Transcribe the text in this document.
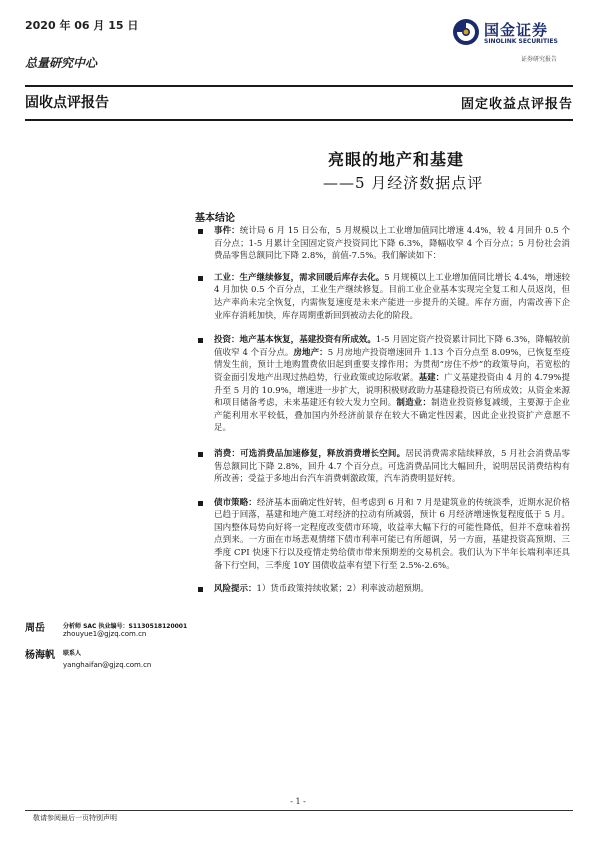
2020 年 06 月 15 日
总量研究中心
国金证券
SINOLINK SECURITIES
证券研究报告
固收点评报告	固定收益点评报告
亮眼的地产和基建
——5 月经济数据点评
基本结论
事件：统计局 6 月 15 日公布，5 月规模以上工业增加值同比增速 4.4%，较 4 月回升 0.5 个百分点；1-5 月累计全国固定资产投资同比下降 6.3%，降幅收窄 4 个百分点；5 月份社会消费品零售总额同比下降 2.8%，前值-7.5%。我们解读如下：
工业：生产继续修复，需求回暖后库存去化。5 月规模以上工业增加值同比增长 4.4%，增速较 4 月加快 0.5 个百分点，工业生产继续修复。目前工业企业基本实现完全复工和人员返岗，但达产率尚未完全恢复，内需恢复速度是未来产能进一步提升的关键。库存方面，内需改善下企业库存消耗加快，库存周期重新回到被动去化的阶段。
投资：地产基本恢复，基建投资有所成效。1-5 月固定资产投资累计同比下降 6.3%，降幅较前值收窄 4 个百分点。房地产：5 月房地产投资增速回升 1.13 个百分点至 8.09%，已恢复至疫情发生前，预计土地购置费依旧起到重要支撑作用；为贯彻“房住不炒”的政策导向，若宽松的资金面引发地产出现过热趋势，行业政策或边际收紧。基建：广义基建投资由 4 月的 4.79%提升至 5 月的 10.9%，增速进一步扩大，说明积极财政助力基建稳投资已有所成效；从资金来源和项目储备考虑，未来基建还有较大发力空间。制造业：制造业投资修复减缓，主要源于企业产能利用水平较低，叠加国内外经济前景存在较大不确定性因素，因此企业投资扩产意愿不足。
消费：可选消费品加速修复，释放消费增长空间。居民消费需求陆续释放，5 月社会消费品零售总额同比下降 2.8%，回升 4.7 个百分点。可选消费品同比大幅回升，说明居民消费结构有所改善；受益于多地出台汽车消费刺激政策，汽车消费明显好转。
债市策略：经济基本面确定性好转，但考虑到 6 月和 7 月是建筑业的传统淡季，近期水泥价格已趋于回落，基建和地产施工对经济的拉动有所减弱，预计 6 月经济增速恢复程度低于 5 月。国内整体局势向好将一定程度改变债市环境，收益率大幅下行的可能性降低，但并不意味着拐点到来。一方面在市场悲观情绪下债市利率可能已有所超调，另一方面，基建投资高预期、三季度 CPI 快速下行以及疫情走势给债市带来预期差的交易机会。我们认为下半年长端利率还具备下行空间，三季度 10Y 国债收益率有望下行至 2.5%-2.6%。
风险提示：1）货币政策持续收紧；2）利率波动超预期。
周岳	分析师 SAC 执业编号：S1130518120001
zhouyue1@gjzq.com.cn
杨海帆 联系人
yanghaifan@gjzq.com.cn
- 1 -
敬请参阅最后一页特别声明
